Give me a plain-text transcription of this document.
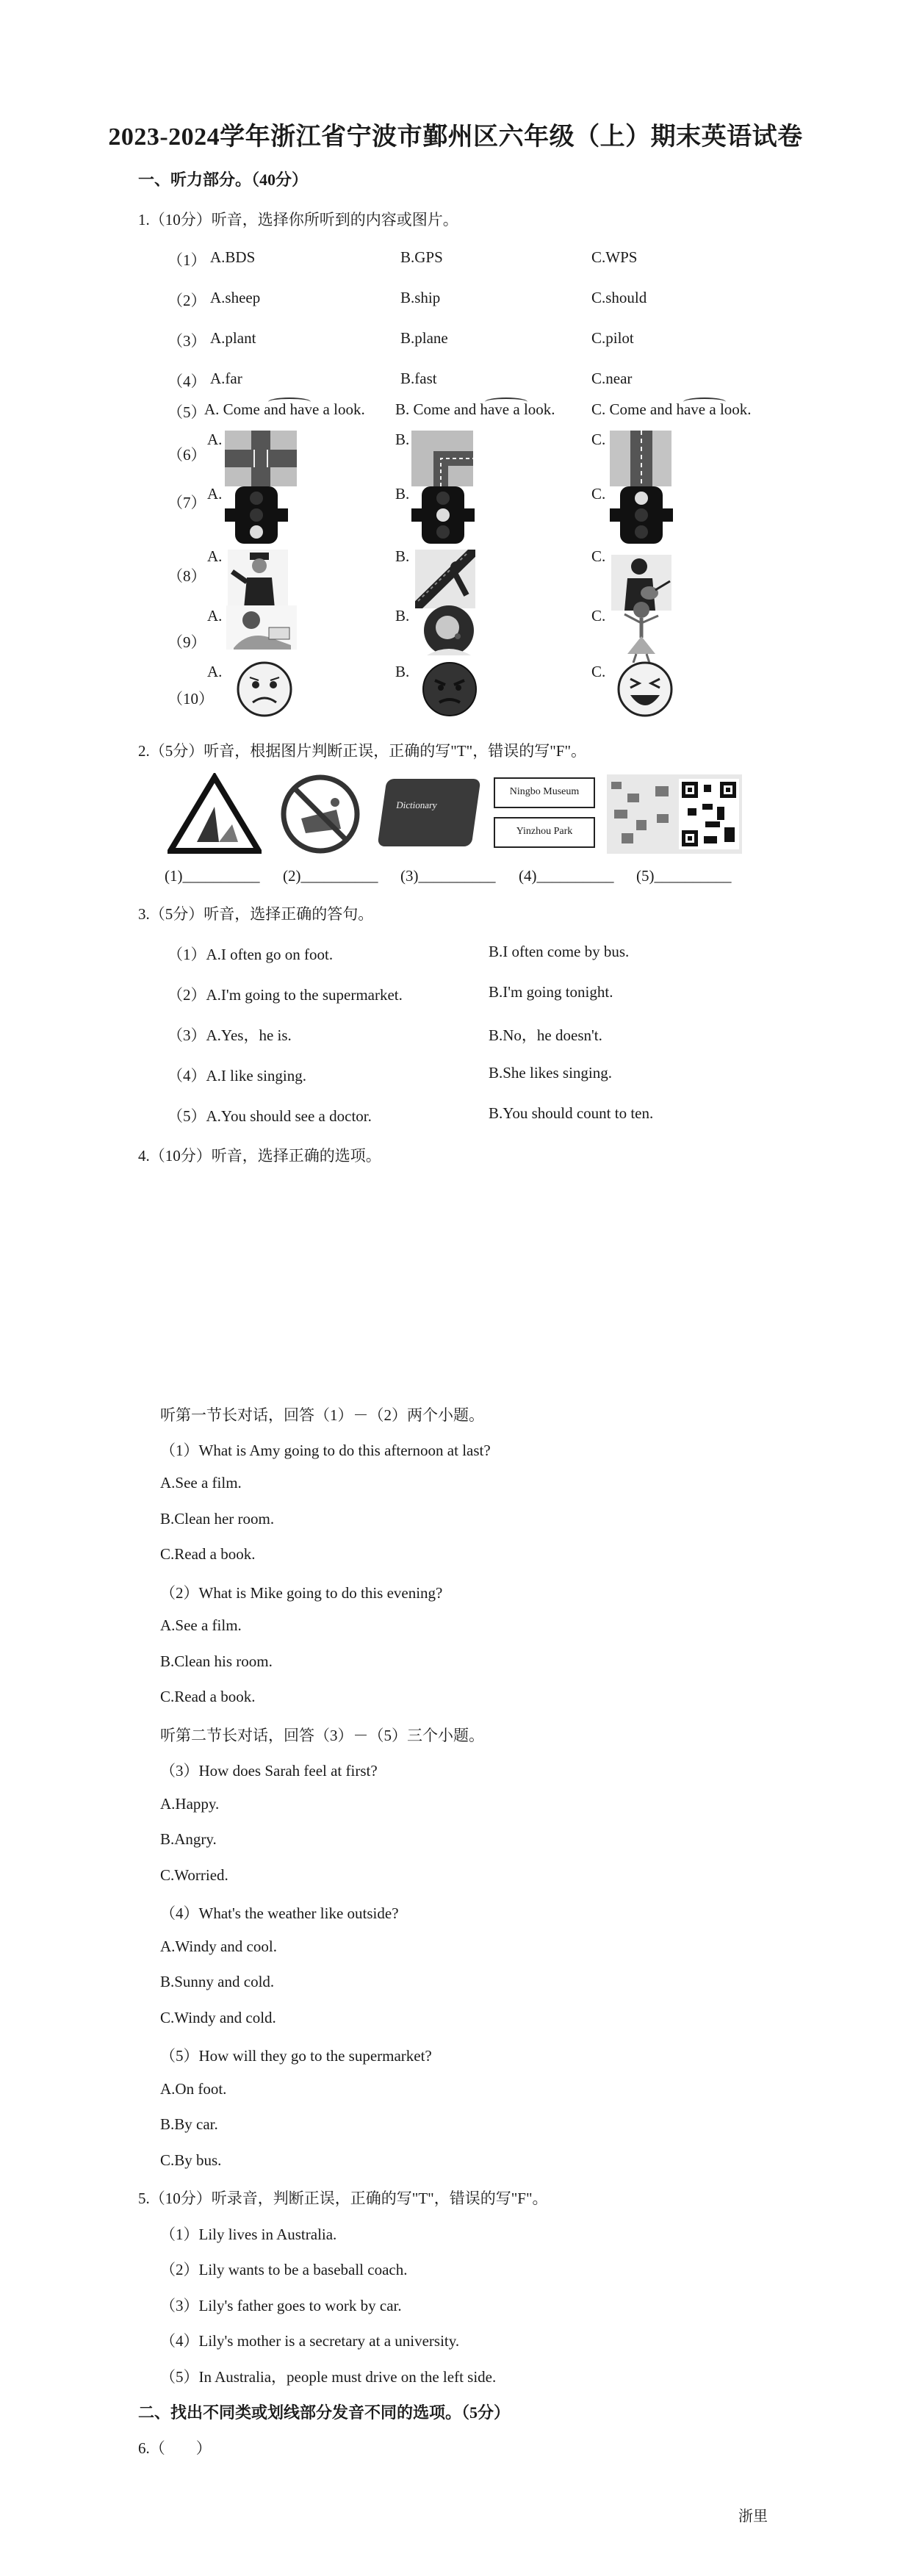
2023-2024学年浙江省宁波市鄞州区六年级（上）期末英语试卷
一、听力部分。（40分）
1.（10分）听音，选择你所听到的内容或图片。
（1） A.BDS	B.GPS	C.WPS
（2） A.sheep	B.ship	C.should
（3） A.plant	B.plane	C.pilot
（4） A.far	B.fast	C.near
（5）
A. Come and have a look. B. Come and have a look. C. Come and have a look.
（6）
A.	B.	C.
（7） A.	B.	C.
（8）
A.	B.	C.
（9）
A.	B.	C.
（10）
A.	B.	C.
2.（5分）听音，根据图片判断正误，正确的写"T"，错误的写"F"。
Dictionary
Ningbo Museum
Yinzhou Park
(1)__________ (2)__________ (3)__________ (4)__________ (5)__________
3.（5分）听音，选择正确的答句。
（1）A.I often go on foot.	B.I often come by bus.
（2）A.I'm going to the supermarket.	B.I'm going tonight.
（3）A.Yes，he is.	B.No，he doesn't.
（4）A.I like singing.	B.She likes singing.
（5）A.You should see a doctor.	B.You should count to ten.
4.（10分）听音，选择正确的选项。
听第一节长对话，回答（1）－（2）两个小题。
（1）What is Amy going to do this afternoon at last?
A.See a film.
B.Clean her room.
C.Read a book.
（2）What is Mike going to do this evening?
A.See a film.
B.Clean his room.
C.Read a book.
听第二节长对话，回答（3）－（5）三个小题。
（3）How does Sarah feel at first?
A.Happy.
B.Angry.
C.Worried.
（4）What's the weather like outside?
A.Windy and cool.
B.Sunny and cold.
C.Windy and cold.
（5）How will they go to the supermarket?
A.On foot.
B.By car.
C.By bus.
5.（10分）听录音，判断正误，正确的写"T"，错误的写"F"。
（1）Lily lives in Australia.
（2）Lily wants to be a baseball coach.
（3）Lily's father goes to work by car.
（4）Lily's mother is a secretary at a university.
（5）In Australia，people must drive on the left side.
二、找出不同类或划线部分发音不同的选项。（5分）
6.（　　）
浙里
